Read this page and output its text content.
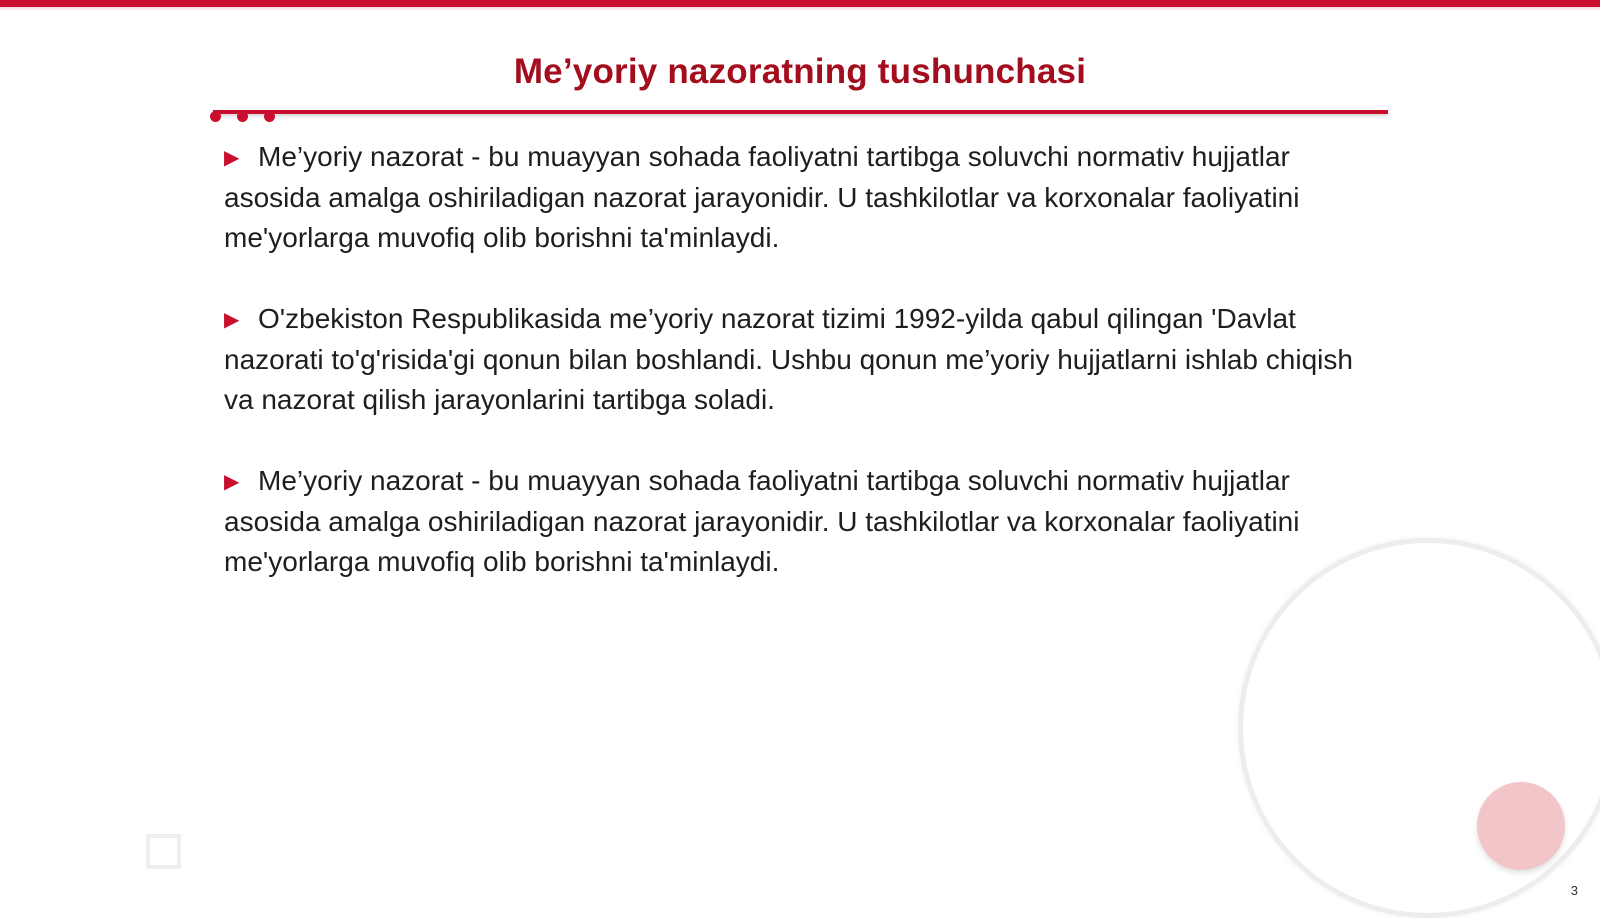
Me’yoriy nazoratning tushunchasi

▶ Me’yoriy nazorat - bu muayyan sohada faoliyatni tartibga soluvchi normativ hujjatlar asosida amalga oshiriladigan nazorat jarayonidir. U tashkilotlar va korxonalar faoliyatini me'yorlarga muvofiq olib borishni ta'minlaydi.

▶ O'zbekiston Respublikasida me’yoriy nazorat tizimi 1992-yilda qabul qilingan 'Davlat nazorati to'g'risida'gi qonun bilan boshlandi. Ushbu qonun me’yoriy hujjatlarni ishlab chiqish va nazorat qilish jarayonlarini tartibga soladi.

▶ Me’yoriy nazorat - bu muayyan sohada faoliyatni tartibga soluvchi normativ hujjatlar asosida amalga oshiriladigan nazorat jarayonidir. U tashkilotlar va korxonalar faoliyatini me'yorlarga muvofiq olib borishni ta'minlaydi.

3
